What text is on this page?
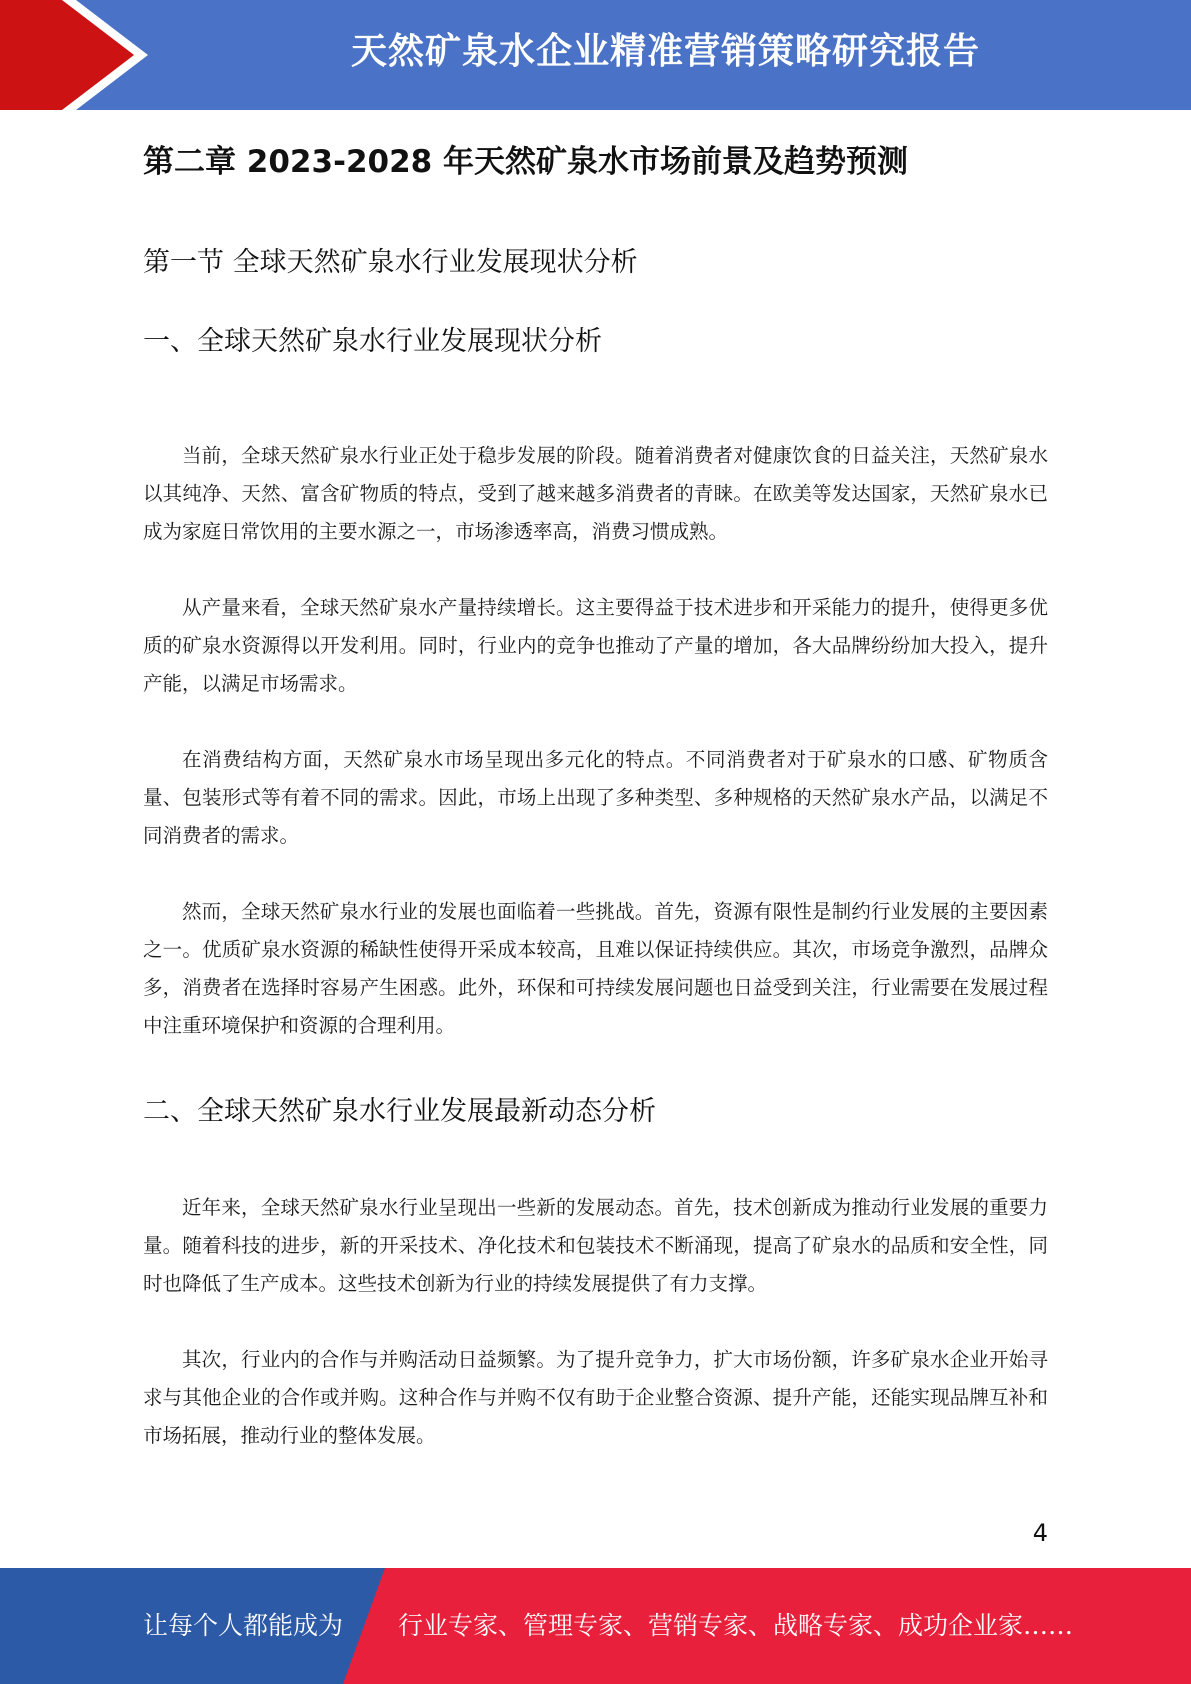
天然矿泉水企业精准营销策略研究报告
第二章 2023-2028 年天然矿泉水市场前景及趋势预测
第一节 全球天然矿泉水行业发展现状分析
一、全球天然矿泉水行业发展现状分析

当前，全球天然矿泉水行业正处于稳步发展的阶段。随着消费者对健康饮食的日益关注，天然矿泉水以其纯净、天然、富含矿物质的特点，受到了越来越多消费者的青睐。在欧美等发达国家，天然矿泉水已成为家庭日常饮用的主要水源之一，市场渗透率高，消费习惯成熟。

从产量来看，全球天然矿泉水产量持续增长。这主要得益于技术进步和开采能力的提升，使得更多优质的矿泉水资源得以开发利用。同时，行业内的竞争也推动了产量的增加，各大品牌纷纷加大投入，提升产能，以满足市场需求。

在消费结构方面，天然矿泉水市场呈现出多元化的特点。不同消费者对于矿泉水的口感、矿物质含量、包装形式等有着不同的需求。因此，市场上出现了多种类型、多种规格的天然矿泉水产品，以满足不同消费者的需求。

然而，全球天然矿泉水行业的发展也面临着一些挑战。首先，资源有限性是制约行业发展的主要因素之一。优质矿泉水资源的稀缺性使得开采成本较高，且难以保证持续供应。其次，市场竞争激烈，品牌众多，消费者在选择时容易产生困惑。此外，环保和可持续发展问题也日益受到关注，行业需要在发展过程中注重环境保护和资源的合理利用。

二、全球天然矿泉水行业发展最新动态分析

近年来，全球天然矿泉水行业呈现出一些新的发展动态。首先，技术创新成为推动行业发展的重要力量。随着科技的进步，新的开采技术、净化技术和包装技术不断涌现，提高了矿泉水的品质和安全性，同时也降低了生产成本。这些技术创新为行业的持续发展提供了有力支撑。

其次，行业内的合作与并购活动日益频繁。为了提升竞争力，扩大市场份额，许多矿泉水企业开始寻求与其他企业的合作或并购。这种合作与并购不仅有助于企业整合资源、提升产能，还能实现品牌互补和市场拓展，推动行业的整体发展。

4
让每个人都能成为 行业专家、管理专家、营销专家、战略专家、成功企业家……
